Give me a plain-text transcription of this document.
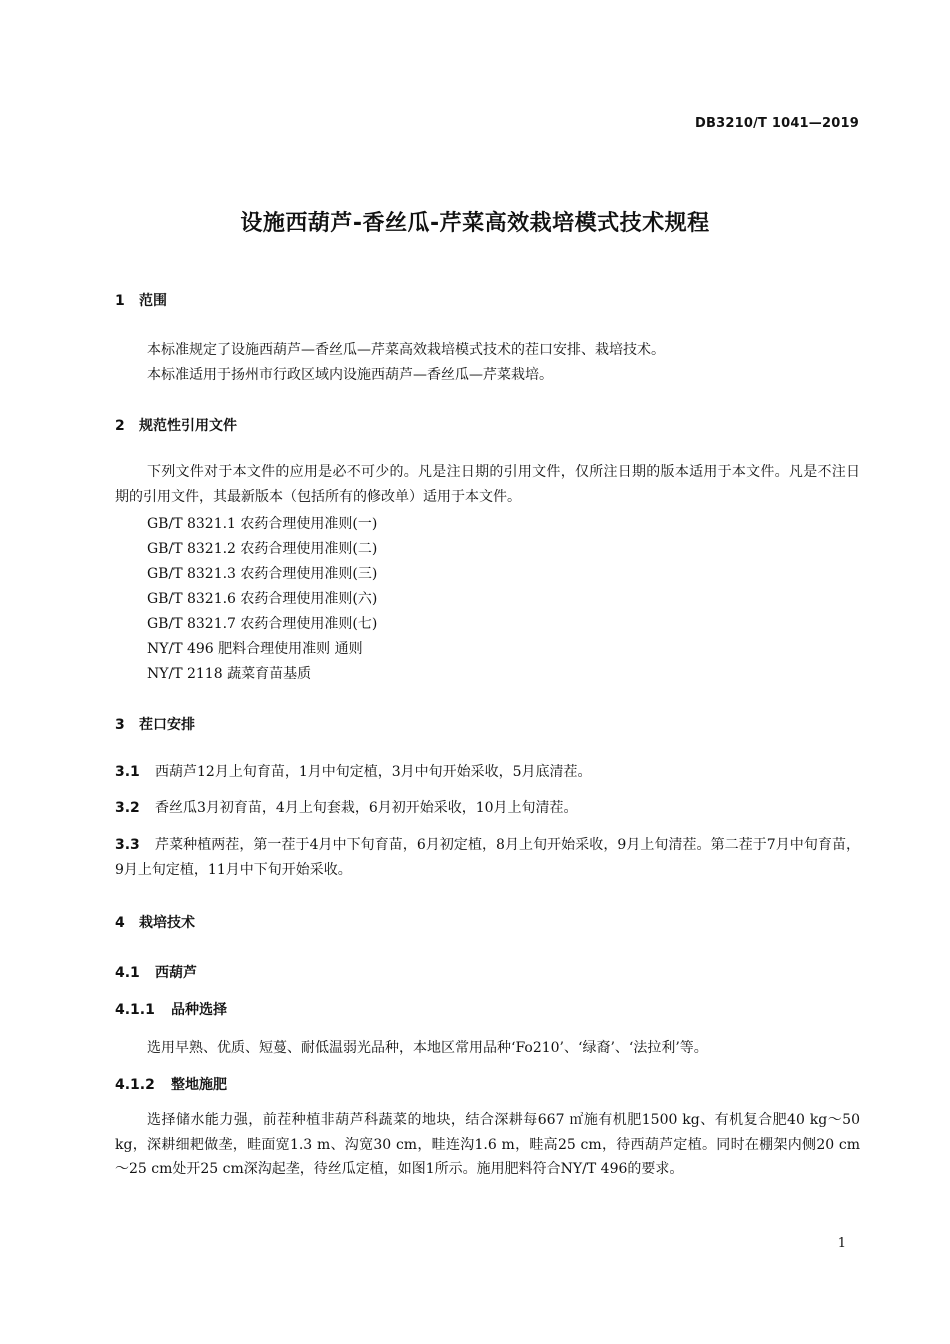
DB3210/T 1041—2019
设施西葫芦-香丝瓜-芹菜高效栽培模式技术规程
1 范围
本标准规定了设施西葫芦—香丝瓜—芹菜高效栽培模式技术的茬口安排、栽培技术。
本标准适用于扬州市行政区域内设施西葫芦—香丝瓜—芹菜栽培。
2 规范性引用文件
下列文件对于本文件的应用是必不可少的。凡是注日期的引用文件，仅所注日期的版本适用于本文件。凡是不注日期的引用文件，其最新版本（包括所有的修改单）适用于本文件。
GB/T 8321.1 农药合理使用准则(一)
GB/T 8321.2 农药合理使用准则(二)
GB/T 8321.3 农药合理使用准则(三)
GB/T 8321.6 农药合理使用准则(六)
GB/T 8321.7 农药合理使用准则(七)
NY/T 496 肥料合理使用准则 通则
NY/T 2118 蔬菜育苗基质
3 茬口安排
3.1 西葫芦12月上旬育苗，1月中旬定植，3月中旬开始采收，5月底清茬。
3.2 香丝瓜3月初育苗，4月上旬套栽，6月初开始采收，10月上旬清茬。
3.3 芹菜种植两茬，第一茬于4月中下旬育苗，6月初定植，8月上旬开始采收，9月上旬清茬。第二茬于7月中旬育苗，9月上旬定植，11月中下旬开始采收。
4 栽培技术
4.1 西葫芦
4.1.1 品种选择
选用早熟、优质、短蔓、耐低温弱光品种，本地区常用品种‘Fo210’、‘绿裔’、‘法拉利’等。
4.1.2 整地施肥
选择储水能力强，前茬种植非葫芦科蔬菜的地块，结合深耕每667 ㎡施有机肥1500 kg、有机复合肥40 kg～50 kg，深耕细耙做垄，畦面宽1.3 m、沟宽30 cm，畦连沟1.6 m，畦高25 cm，待西葫芦定植。同时在棚架内侧20 cm～25 cm处开25 cm深沟起垄，待丝瓜定植，如图1所示。施用肥料符合NY/T 496的要求。
1
